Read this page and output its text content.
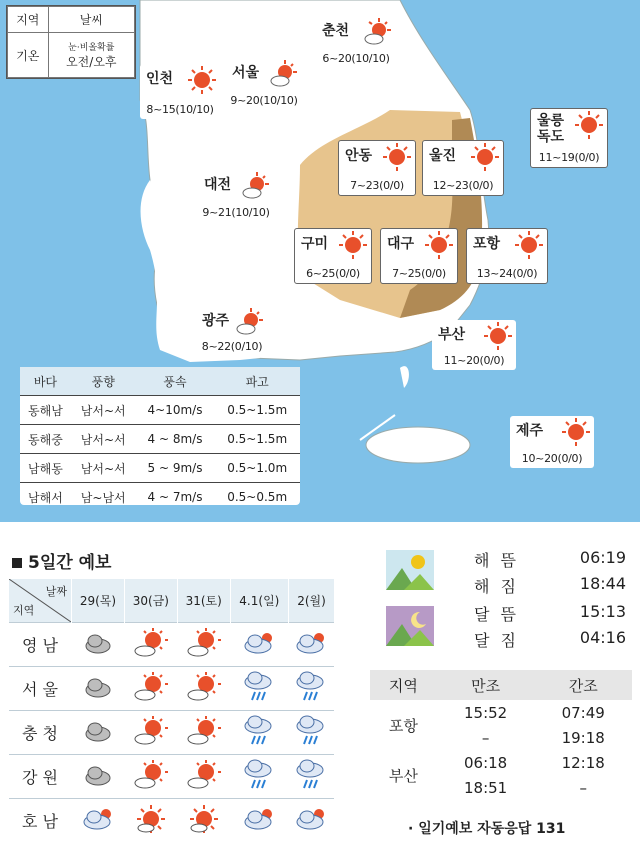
지역	날씨
기온	눈·비올확률
오전/오후
춘천
6~20(10/10)
인천
8~15(10/10)
서울
9~20(10/10)
울릉
독도
11~19(0/0)
안동
7~23(0/0)
울진
12~23(0/0)
대전
9~21(10/10)
구미
6~25(0/0)
대구
7~25(0/0)
포항
13~24(0/0)
광주
8~22(0/10)
부산
11~20(0/0)
제주
10~20(0/0)
바다	풍향	풍속	파고
동해남	남서~서	4~10m/s	0.5~1.5m
동해중	남서~서	4 ~ 8m/s	0.5~1.5m
남해동	남서~서	5 ~ 9m/s	0.5~1.0m
남해서	남~남서	4 ~ 7m/s	0.5~0.5m
5일간 예보
날짜
지역	29(목)	30(금)	31(토)	4.1(일)	2(월)
영 남					
서 울					
충 청					
강 원					
호 남					
해 뜸	06:19
해 짐	18:44
달 뜸	15:13
달 짐	04:16
지역	만조	간조
포항	15:52	07:49
	–	19:18
부산	06:18	12:18
	18:51	–
· 일기예보 자동응답 131
